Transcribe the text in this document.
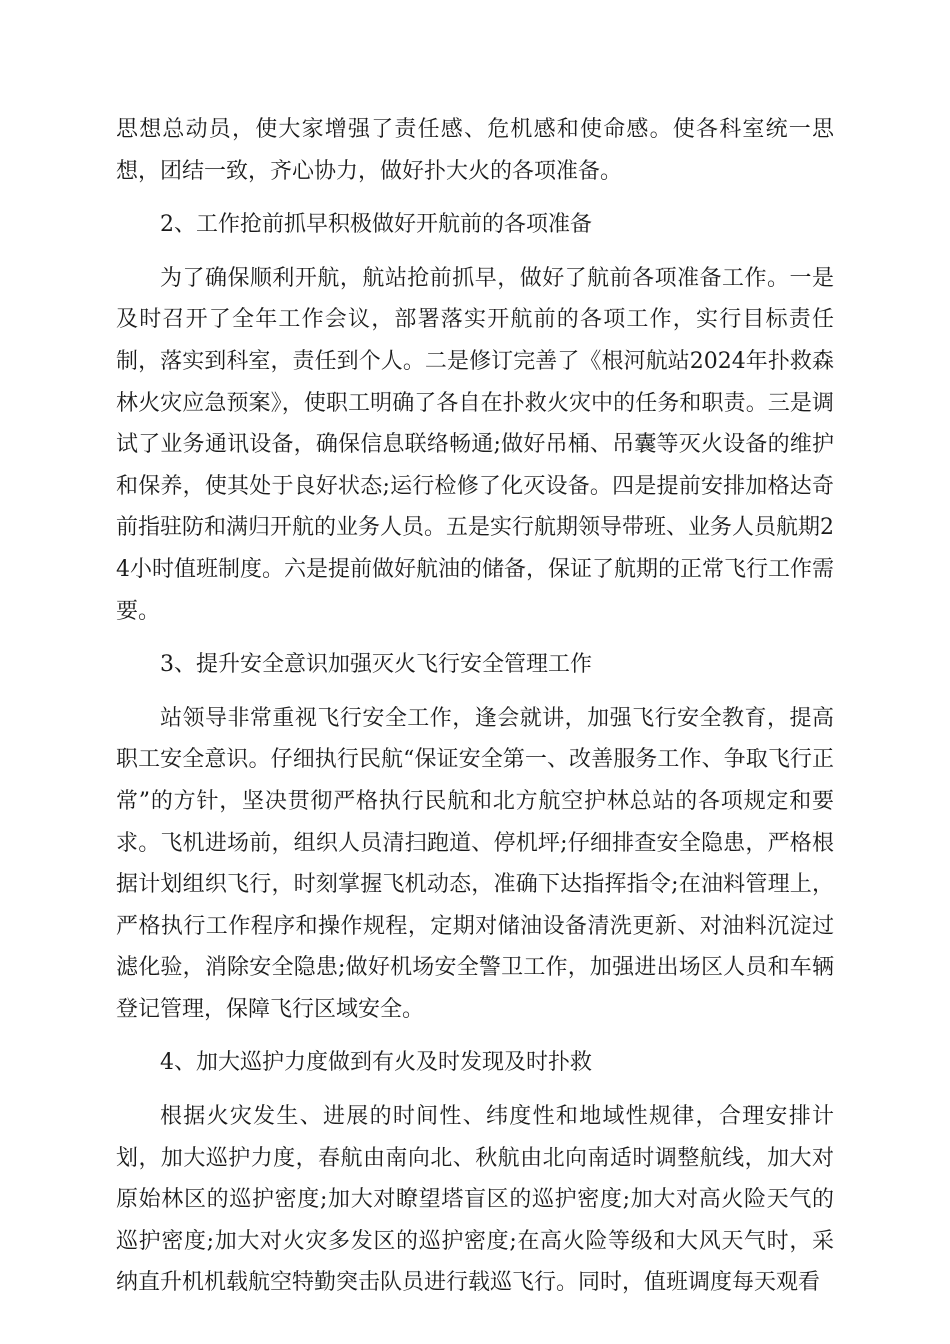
思想总动员，使大家增强了责任感、危机感和使命感。使各科室统一思想，团结一致，齐心协力，做好扑大火的各项准备。

2、工作抢前抓早积极做好开航前的各项准备

为了确保顺利开航，航站抢前抓早，做好了航前各项准备工作。一是及时召开了全年工作会议，部署落实开航前的各项工作，实行目标责任制，落实到科室，责任到个人。二是修订完善了《根河航站2024年扑救森林火灾应急预案》，使职工明确了各自在扑救火灾中的任务和职责。三是调试了业务通讯设备，确保信息联络畅通;做好吊桶、吊囊等灭火设备的维护和保养，使其处于良好状态;运行检修了化灭设备。四是提前安排加格达奇前指驻防和满归开航的业务人员。五是实行航期领导带班、业务人员航期24小时值班制度。六是提前做好航油的储备，保证了航期的正常飞行工作需要。

3、提升安全意识加强灭火飞行安全管理工作

站领导非常重视飞行安全工作，逢会就讲，加强飞行安全教育，提高职工安全意识。仔细执行民航“保证安全第一、改善服务工作、争取飞行正常”的方针，坚决贯彻严格执行民航和北方航空护林总站的各项规定和要求。飞机进场前，组织人员清扫跑道、停机坪;仔细排查安全隐患，严格根据计划组织飞行，时刻掌握飞机动态，准确下达指挥指令;在油料管理上，严格执行工作程序和操作规程，定期对储油设备清洗更新、对油料沉淀过滤化验，消除安全隐患;做好机场安全警卫工作，加强进出场区人员和车辆登记管理，保障飞行区域安全。

4、加大巡护力度做到有火及时发现及时扑救

根据火灾发生、进展的时间性、纬度性和地域性规律，合理安排计划，加大巡护力度，春航由南向北、秋航由北向南适时调整航线，加大对原始林区的巡护密度;加大对瞭望塔盲区的巡护密度;加大对高火险天气的巡护密度;加大对火灾多发区的巡护密度;在高火险等级和大风天气时，采纳直升机机载航空特勤突击队员进行载巡飞行。同时，值班调度每天观看
